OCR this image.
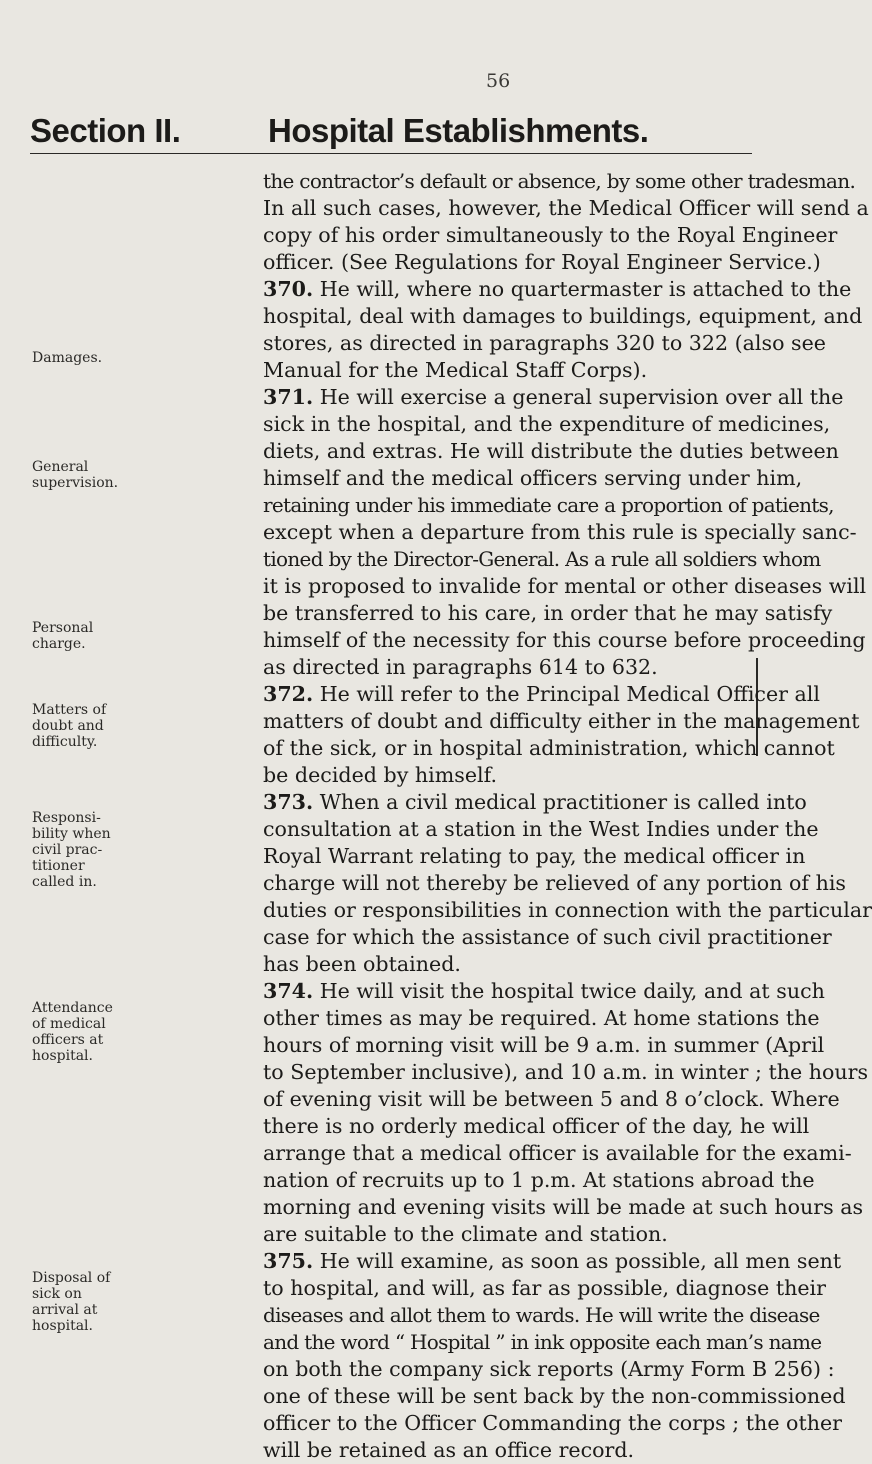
56
Section II.	Hospital Establishments.
Damages.
General supervision.
Personal charge.
Matters of doubt and difficulty.
Responsi-bility when civil prac-titioner called in.
Attendance of medical officers at hospital.
Disposal of sick on arrival at hospital.
the contractor’s default or absence, by some other tradesman.
In all such cases, however, the Medical Officer will send a
copy of his order simultaneously to the Royal Engineer
officer. (See Regulations for Royal Engineer Service.)
370. He will, where no quartermaster is attached to the
hospital, deal with damages to buildings, equipment, and
stores, as directed in paragraphs 320 to 322 (also see
Manual for the Medical Staff Corps).
371. He will exercise a general supervision over all the
sick in the hospital, and the expenditure of medicines,
diets, and extras. He will distribute the duties between
himself and the medical officers serving under him,
retaining under his immediate care a proportion of patients,
except when a departure from this rule is specially sanc-
tioned by the Director-General. As a rule all soldiers whom
it is proposed to invalide for mental or other diseases will
be transferred to his care, in order that he may satisfy
himself of the necessity for this course before proceeding
as directed in paragraphs 614 to 632.
372. He will refer to the Principal Medical Officer all
matters of doubt and difficulty either in the management
of the sick, or in hospital administration, which cannot
be decided by himself.
373. When a civil medical practitioner is called into
consultation at a station in the West Indies under the
Royal Warrant relating to pay, the medical officer in
charge will not thereby be relieved of any portion of his
duties or responsibilities in connection with the particular
case for which the assistance of such civil practitioner
has been obtained.
374. He will visit the hospital twice daily, and at such
other times as may be required. At home stations the
hours of morning visit will be 9 a.m. in summer (April
to September inclusive), and 10 a.m. in winter ; the hours
of evening visit will be between 5 and 8 o’clock. Where
there is no orderly medical officer of the day, he will
arrange that a medical officer is available for the exami-
nation of recruits up to 1 p.m. At stations abroad the
morning and evening visits will be made at such hours as
are suitable to the climate and station.
375. He will examine, as soon as possible, all men sent
to hospital, and will, as far as possible, diagnose their
diseases and allot them to wards. He will write the disease
and the word “ Hospital ” in ink opposite each man’s name
on both the company sick reports (Army Form B 256) :
one of these will be sent back by the non-commissioned
officer to the Officer Commanding the corps ; the other
will be retained as an office record.
